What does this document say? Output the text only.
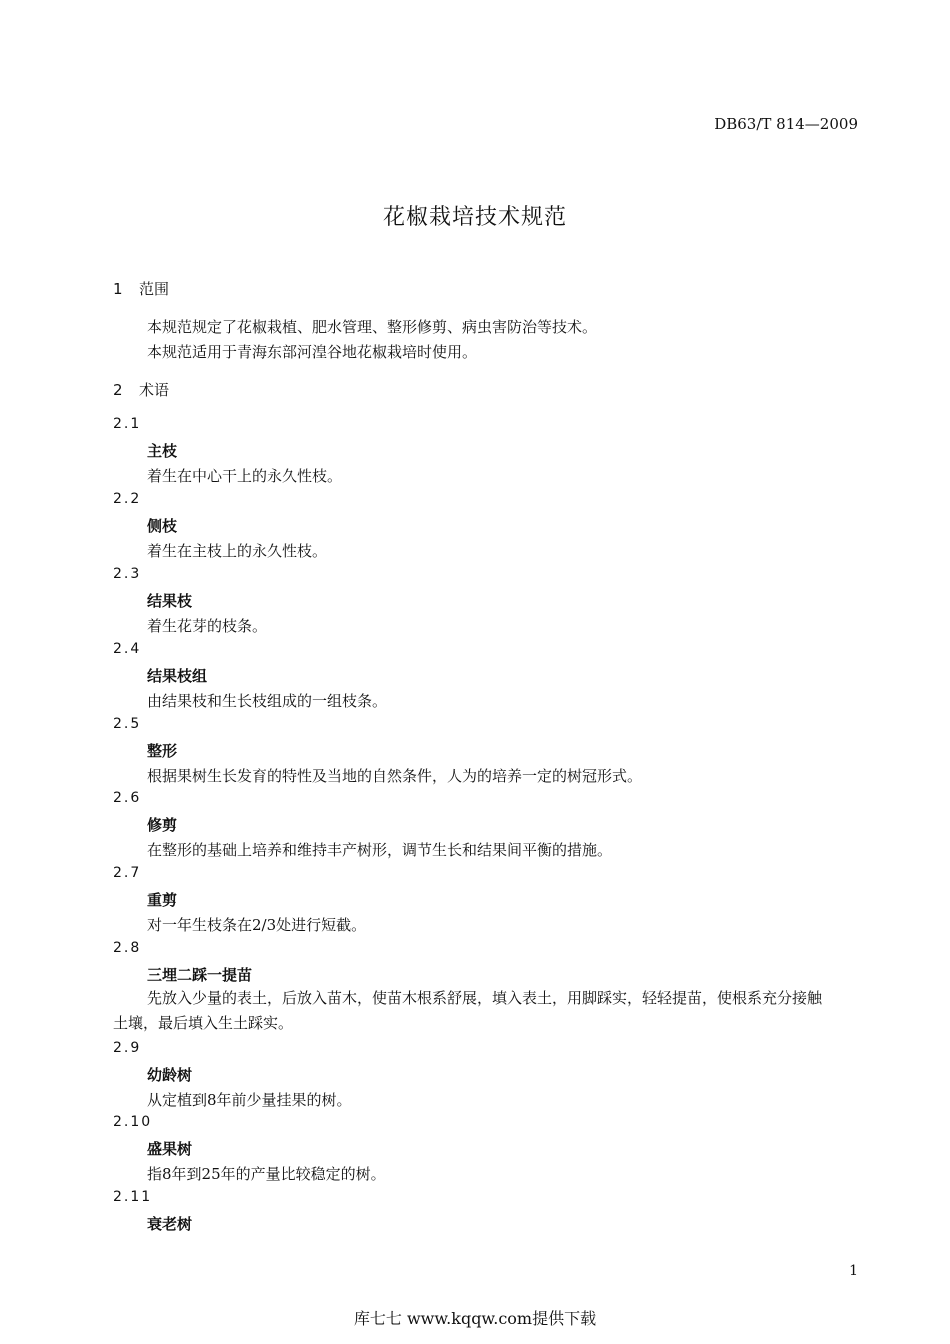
DB63/T 814—2009
花椒栽培技术规范
1 范围
本规范规定了花椒栽植、肥水管理、整形修剪、病虫害防治等技术。
本规范适用于青海东部河湟谷地花椒栽培时使用。
2 术语
2.1
主枝
着生在中心干上的永久性枝。
2.2
侧枝
着生在主枝上的永久性枝。
2.3
结果枝
着生花芽的枝条。
2.4
结果枝组
由结果枝和生长枝组成的一组枝条。
2.5
整形
根据果树生长发育的特性及当地的自然条件，人为的培养一定的树冠形式。
2.6
修剪
在整形的基础上培养和维持丰产树形，调节生长和结果间平衡的措施。
2.7
重剪
对一年生枝条在2/3处进行短截。
2.8
三埋二踩一提苗
先放入少量的表土，后放入苗木，使苗木根系舒展，填入表土，用脚踩实，轻轻提苗，使根系充分接触土壤，最后填入生土踩实。
2.9
幼龄树
从定植到8年前少量挂果的树。
2.10
盛果树
指8年到25年的产量比较稳定的树。
2.11
衰老树
1
库七七 www.kqqw.com提供下载
